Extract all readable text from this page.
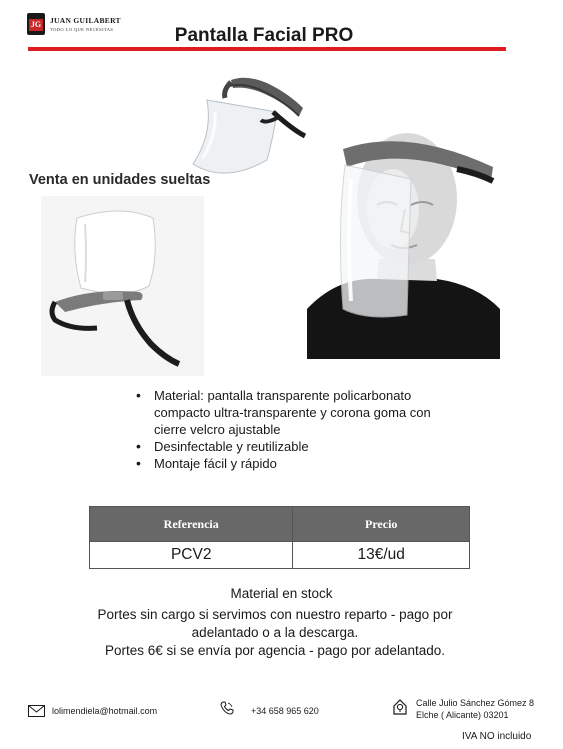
JG JUAN GUILABERT
TODO LO QUE NECESITAS	Pantalla Facial PRO
Venta en unidades sueltas
• Material: pantalla transparente policarbonato compacto ultra-transparente y corona goma con cierre velcro ajustable
• Desinfectable y reutilizable
• Montaje fácil y rápido
Referencia	Precio
PCV2	13€/ud
Material en stock
Portes sin cargo si servimos con nuestro reparto - pago por adelantado o a la descarga.
Portes 6€ si se envía por agencia - pago por adelantado.
lolimendiela@hotmail.com	+34 658 965 620
Calle Julio Sánchez Gómez 8
Elche ( Alicante) 03201
IVA NO incluido
